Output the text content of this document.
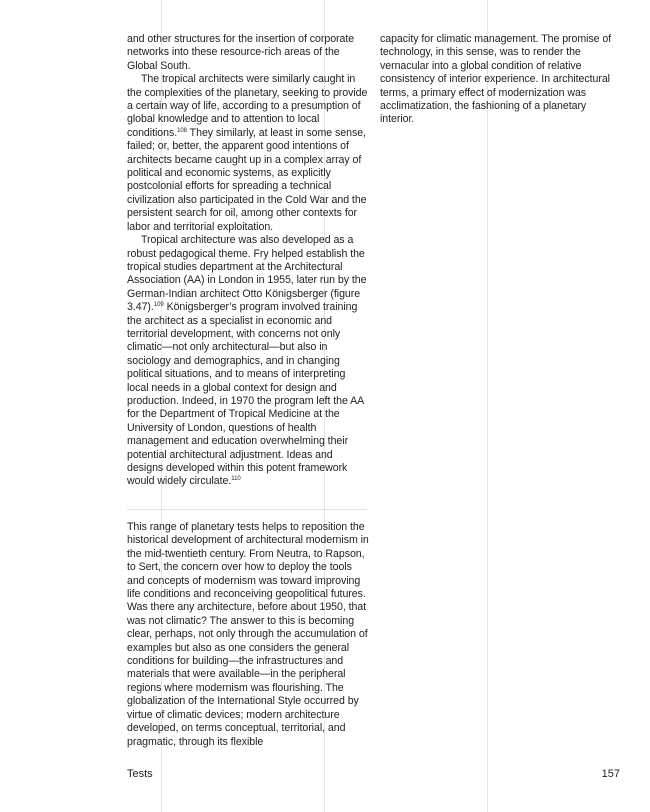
and other structures for the insertion of corporate networks into these resource-rich areas of the Global South.

The tropical architects were similarly caught in the complexities of the planetary, seeking to provide a certain way of life, according to a presumption of global knowledge and to attention to local conditions.$^{108}$ They similarly, at least in some sense, failed; or, better, the apparent good intentions of architects became caught up in a complex array of political and economic systems, as explicitly postcolonial efforts for spreading a technical civilization also participated in the Cold War and the persistent search for oil, among other contexts for labor and territorial exploitation.

Tropical architecture was also developed as a robust pedagogical theme. Fry helped establish the tropical studies department at the Architectural Association (AA) in London in 1955, later run by the German-Indian architect Otto Königsberger (figure 3.47).$^{109}$ Königsberger’s program involved training the architect as a specialist in economic and territorial development, with concerns not only climatic—not only architectural—but also in sociology and demographics, and in changing political situations, and to means of interpreting local needs in a global context for design and production. Indeed, in 1970 the program left the AA for the Department of Tropical Medicine at the University of London, questions of health management and education overwhelming their potential architectural adjustment. Ideas and designs developed within this potent framework would widely circulate.$^{110}$

This range of planetary tests helps to reposition the historical development of architectural modernism in the mid-twentieth century. From Neutra, to Rapson, to Sert, the concern over how to deploy the tools and concepts of modernism was toward improving life conditions and reconceiving geopolitical futures. Was there any architecture, before about 1950, that was not climatic? The answer to this is becoming clear, perhaps, not only through the accumulation of examples but also as one considers the general conditions for building—the infrastructures and materials that were available—in the peripheral regions where modernism was flourishing. The globalization of the International Style occurred by virtue of climatic devices; modern architecture developed, on terms conceptual, territorial, and pragmatic, through its flexible

capacity for climatic management. The promise of technology, in this sense, was to render the vernacular into a global condition of relative consistency of interior experience. In architectural terms, a primary effect of modernization was acclimatization, the fashioning of a planetary interior.

Tests	157
